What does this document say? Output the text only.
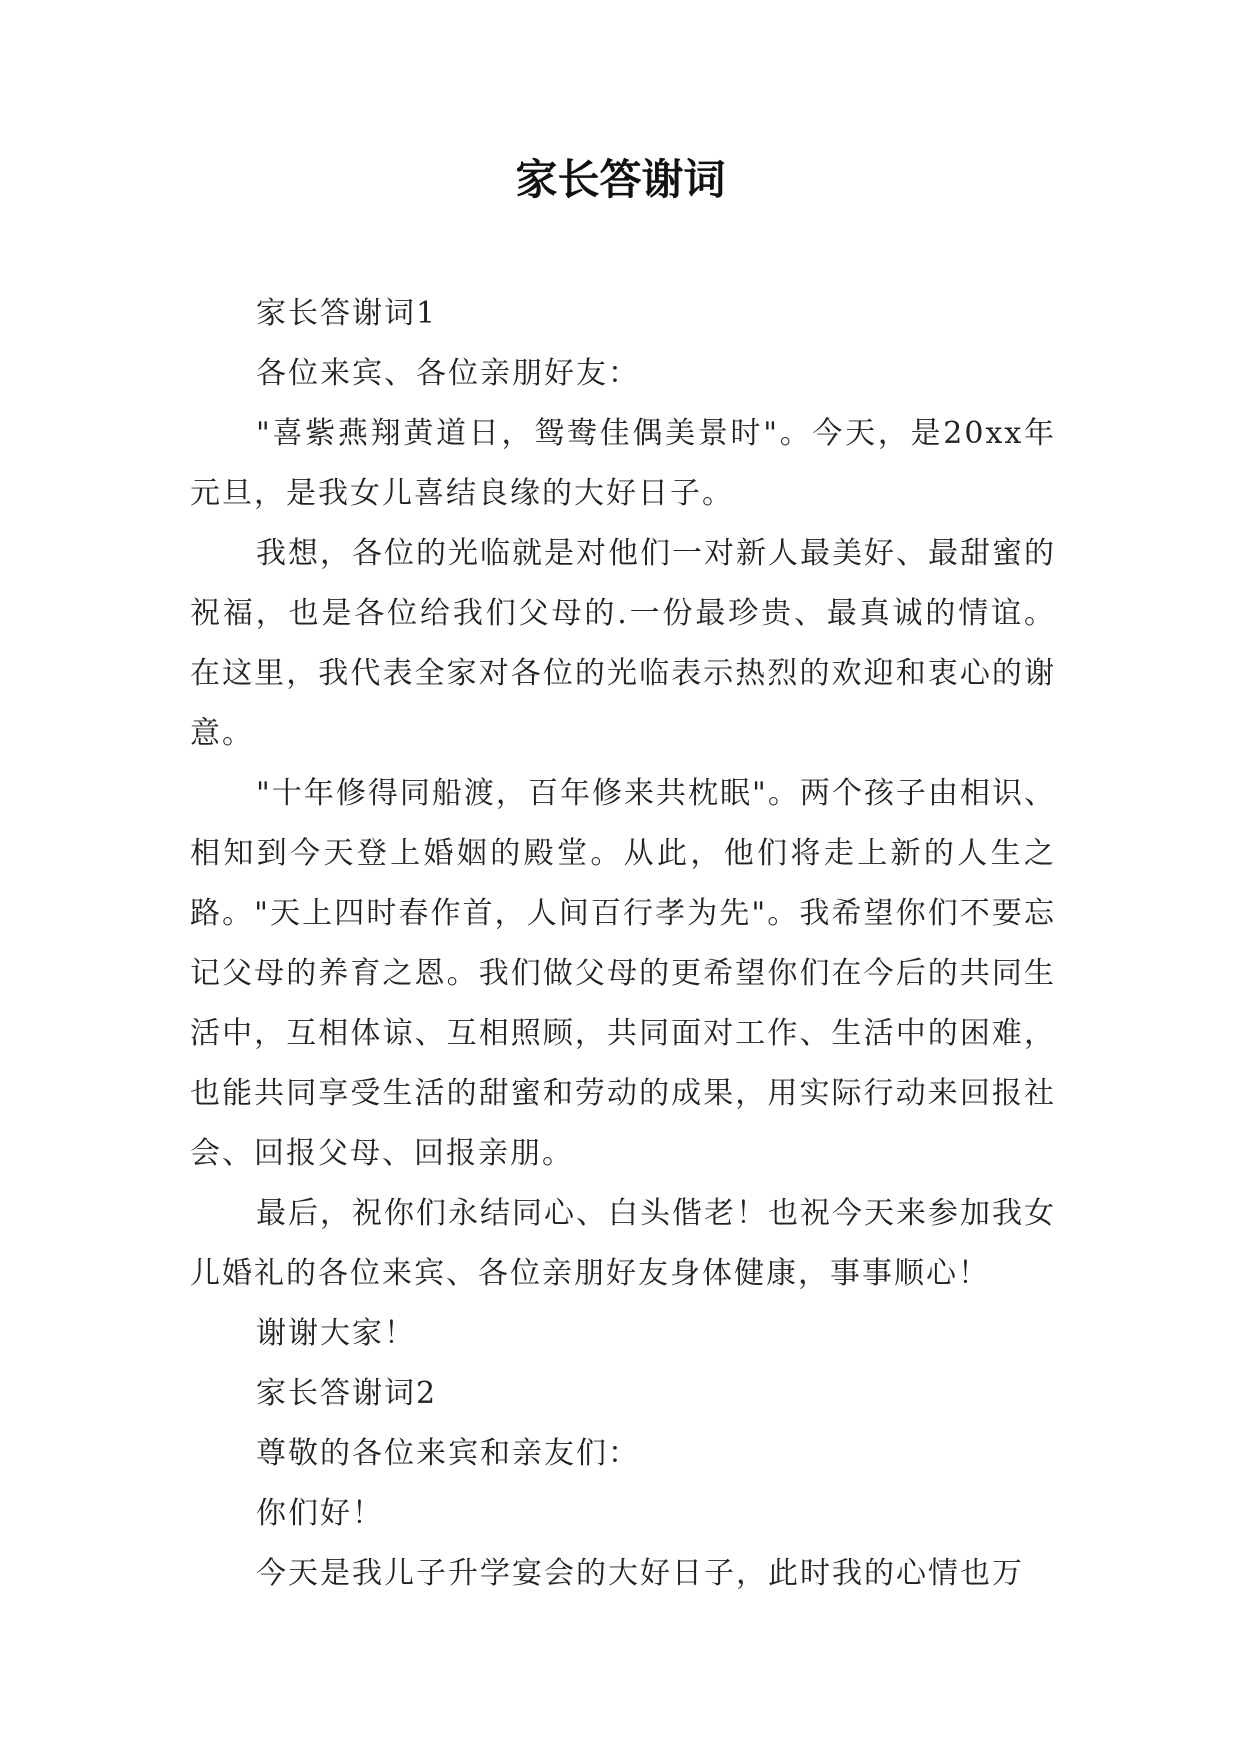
家长答谢词

家长答谢词1

各位来宾、各位亲朋好友：

"喜紫燕翔黄道日，鸳鸯佳偶美景时"。今天，是20xx年元旦，是我女儿喜结良缘的大好日子。

我想，各位的光临就是对他们一对新人最美好、最甜蜜的祝福，也是各位给我们父母的.一份最珍贵、最真诚的情谊。在这里，我代表全家对各位的光临表示热烈的欢迎和衷心的谢意。

"十年修得同船渡，百年修来共枕眠"。两个孩子由相识、相知到今天登上婚姻的殿堂。从此，他们将走上新的人生之路。"天上四时春作首，人间百行孝为先"。我希望你们不要忘记父母的养育之恩。我们做父母的更希望你们在今后的共同生活中，互相体谅、互相照顾，共同面对工作、生活中的困难，也能共同享受生活的甜蜜和劳动的成果，用实际行动来回报社会、回报父母、回报亲朋。

最后，祝你们永结同心、白头偕老！也祝今天来参加我女儿婚礼的各位来宾、各位亲朋好友身体健康，事事顺心！

谢谢大家！

家长答谢词2

尊敬的各位来宾和亲友们：

你们好！

今天是我儿子升学宴会的大好日子，此时我的心情也万
